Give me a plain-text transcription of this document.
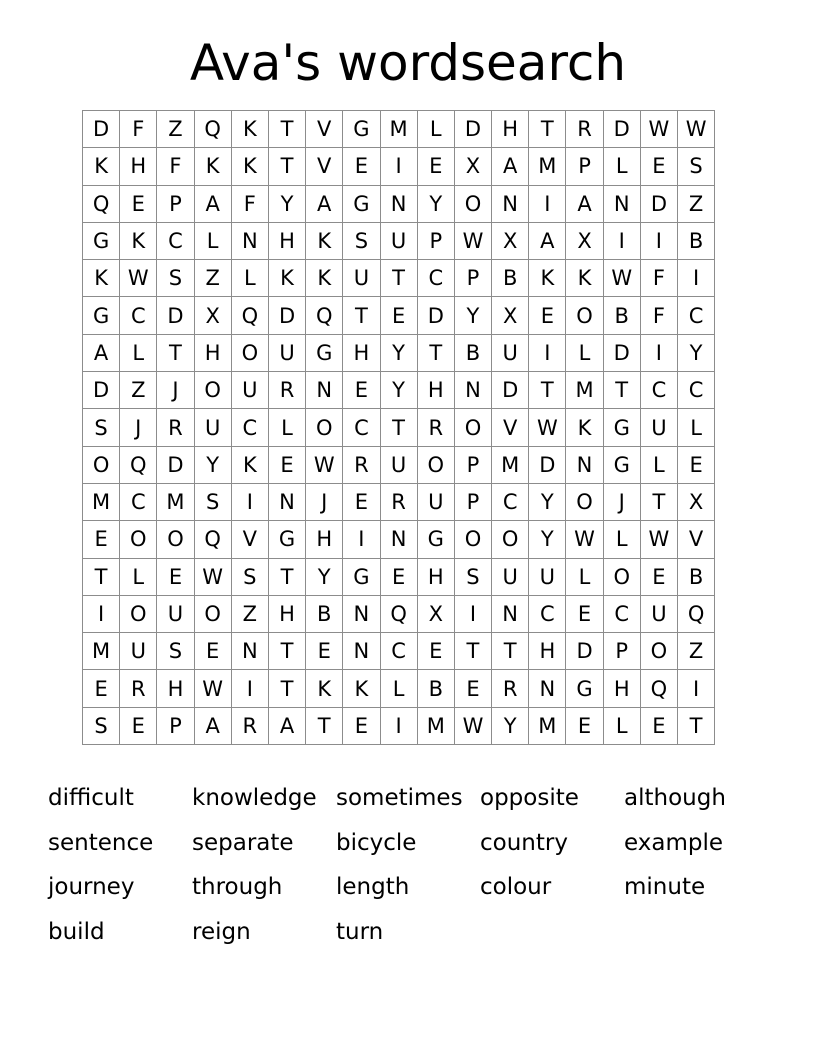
Ava's wordsearch
D	F	Z	Q	K	T	V	G M	L	D	H	T	R	D W W
K	H	F	K	K	T	V	E	I	E	X	A M	P	L	E	S
Q	E	P	A	F	Y	A	G	N	Y	O	N	I	A	N	D	Z
G	K	C	L	N	H	K	S	U	P W X	A	X	I	I	B
K W S	Z	L	K	K	U	T	C	P	B	K	K W F	I
G	C	D	X	Q D Q	T	E	D	Y	X	E	O	B	F	C
A	L	T	H	O	U	G	H	Y	T	B	U	I	L	D	I	Y
D	Z	J	O	U	R	N	E	Y	H	N	D	T	M	T	C	C
S	J	R	U	C	L	O	C	T	R	O	V W K	G	U	L
O Q D	Y	K	E W R	U	O	P	M D	N	G	L	E
M C M	S	I	N	J	E	R	U	P	C	Y	O	J	T	X
E	O O Q	V	G	H	I	N	G O O	Y W L W V
T	L	E W S	T	Y	G	E	H	S	U	U	L	O	E	B
I	O	U	O	Z	H	B	N	Q	X	I	N	C	E	C	U	Q
M U	S	E	N	T	E	N	C	E	T	T	H	D	P	O	Z
E	R	H W	I	T	K	K	L	B	E	R	N	G	H	Q	I
S	E	P	A	R	A	T	E	I	M W Y	M	E	L	E	T
difficult	knowledge sometimes opposite	although
sentence	separate	bicycle	country	example
journey	through	length	colour	minute
build	reign	turn
